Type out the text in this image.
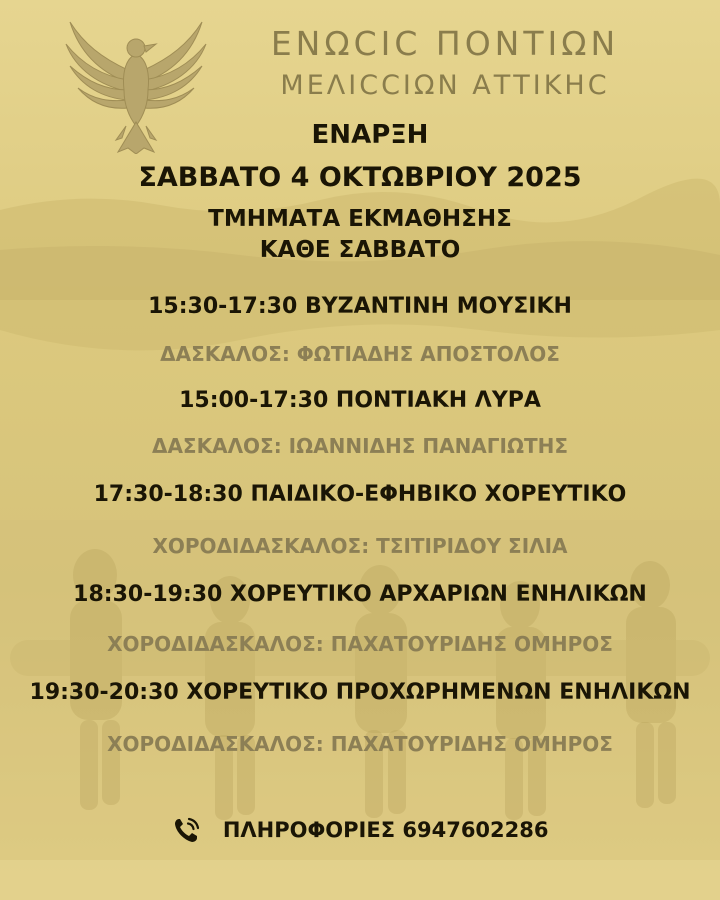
ΕΝΩϹΙϹ ΠΟΝΤΙΩΝ
ΜΕΛΙϹϹΙΩΝ ΑΤΤΙΚΗϹ
ΕΝΑΡΞΗ
ΣΑΒΒΑΤΟ 4 ΟΚΤΩΒΡΙΟΥ 2025
ΤΜΗΜΑΤΑ ΕΚΜΑΘΗΣΗΣ
ΚΑΘΕ ΣΑΒΒΑΤΟ
15:30-17:30 ΒΥΖΑΝΤΙΝΗ ΜΟΥΣΙΚΗ
ΔΑΣΚΑΛΟΣ: ΦΩΤΙΑΔΗΣ ΑΠΟΣΤΟΛΟΣ
15:00-17:30 ΠΟΝΤΙΑΚΗ ΛΥΡΑ
ΔΑΣΚΑΛΟΣ: ΙΩΑΝΝΙΔΗΣ ΠΑΝΑΓΙΩΤΗΣ
17:30-18:30 ΠΑΙΔΙΚΟ-ΕΦΗΒΙΚΟ ΧΟΡΕΥΤΙΚΟ
ΧΟΡΟΔΙΔΑΣΚΑΛΟΣ: ΤΣΙΤΙΡΙΔΟΥ ΣΙΛΙΑ
18:30-19:30 ΧΟΡΕΥΤΙΚΟ ΑΡΧΑΡΙΩΝ ΕΝΗΛΙΚΩΝ
ΧΟΡΟΔΙΔΑΣΚΑΛΟΣ: ΠΑΧΑΤΟΥΡΙΔΗΣ ΟΜΗΡΟΣ
19:30-20:30 ΧΟΡΕΥΤΙΚΟ ΠΡΟΧΩΡΗΜΕΝΩΝ ΕΝΗΛΙΚΩΝ
ΧΟΡΟΔΙΔΑΣΚΑΛΟΣ: ΠΑΧΑΤΟΥΡΙΔΗΣ ΟΜΗΡΟΣ
ΠΛΗΡΟΦΟΡΙΕΣ 6947602286
